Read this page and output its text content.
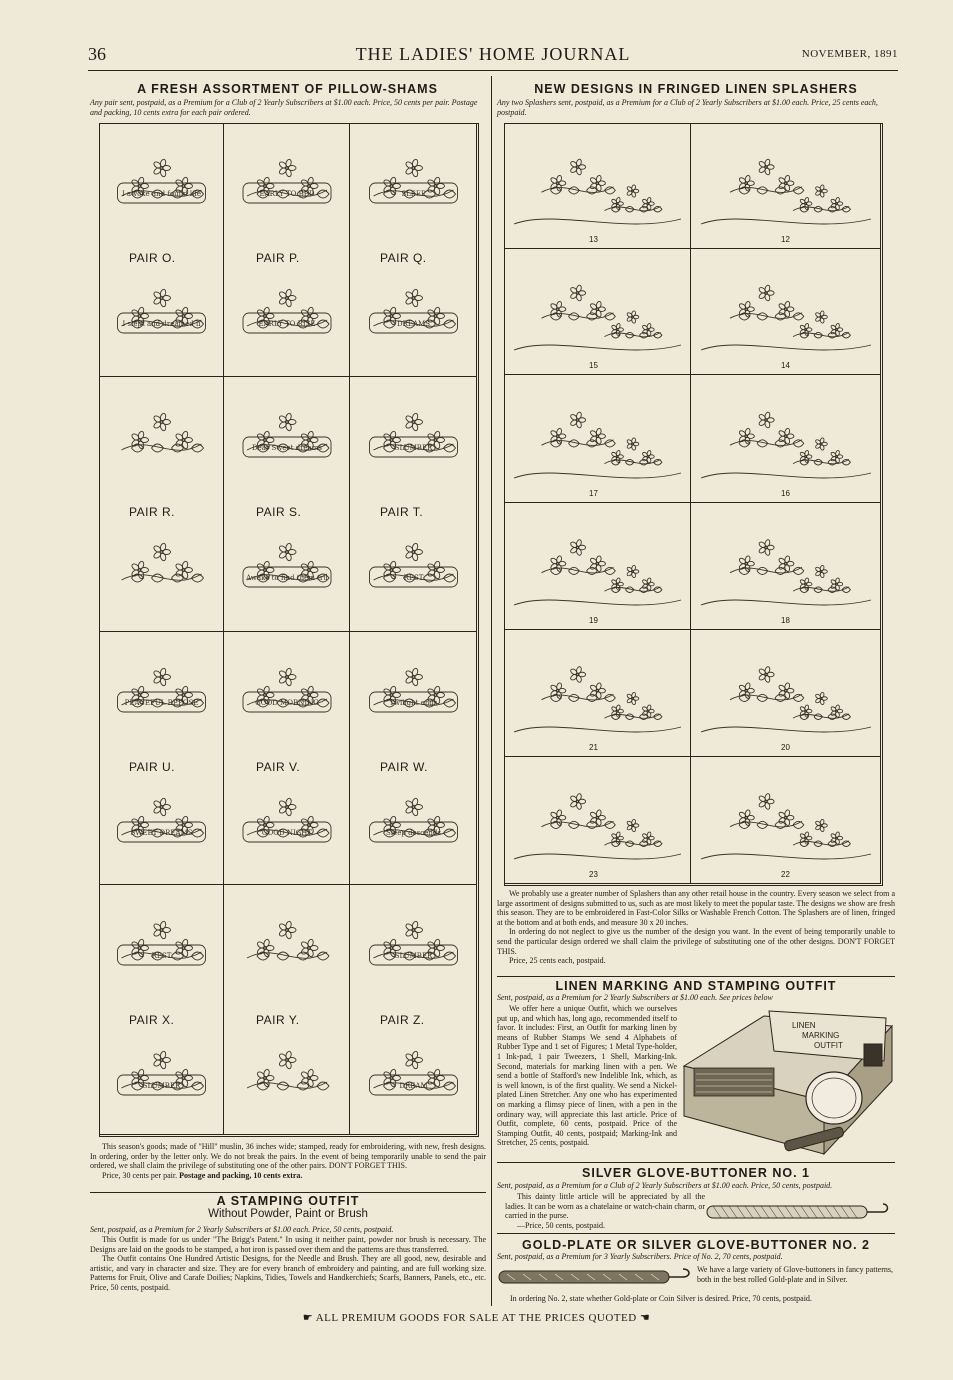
36	THE LADIES' HOME JOURNAL	NOVEMBER, 1891
A FRESH ASSORTMENT OF PILLOW-SHAMS
Any pair sent, postpaid, as a Premium for a Club of 2 Yearly Subscribers at $1.00 each. Price, 50 cents per pair. Postage and packing, 10 cents extra for each pair ordered.
I awoke and found life
I slept and dreamed li
PAIR O.
EARLY TO BED
EARLY TO RISE
PAIR P.
SLEEP
DREAMS
PAIR Q.
PAIR R.
Dear Sweet dreams
Awake to find them tru
PAIR S.
SLUMBER
REST
PAIR T.
PEACEFUL REPOSE
SWEET DREAMS
PAIR U.
GOOD MORNING
GOOD NIGHT
PAIR V.
Twilight ends
Sleep descends
PAIR W.
REST
SLUMBER
PAIR X.	PAIR Y.
SLUMBER
DREAM
PAIR Z.

This season's goods; made of "Hill" muslin, 36 inches wide; stamped, ready for embroidering, with new, fresh designs. In ordering, order by the letter only. We do not break the pairs. In the event of being temporarily unable to send the pair ordered, we shall claim the privilege of substituting one of the other pairs. DON'T FORGET THIS.

Price, 30 cents per pair. Postage and packing, 10 cents extra.

A STAMPING OUTFIT
Without Powder, Paint or Brush
Sent, postpaid, as a Premium for 2 Yearly Subscribers at $1.00 each. Price, 50 cents, postpaid.

This Outfit is made for us under "The Brigg's Patent." In using it neither paint, powder nor brush is necessary. The Designs are laid on the goods to be stamped, a hot iron is passed over them and the patterns are thus transferred.

The Outfit contains One Hundred Artistic Designs, for the Needle and Brush. They are all good, new, desirable and artistic, and vary in character and size. They are for every branch of embroidery and painting, and are full working size. Patterns for Fruit, Olive and Carafe Doilies; Napkins, Tidies, Towels and Handkerchiefs; Scarfs, Banners, Panels, etc., etc. Price, 50 cents, postpaid.

NEW DESIGNS IN FRINGED LINEN SPLASHERS
Any two Splashers sent, postpaid, as a Premium for a Club of 2 Yearly Subscribers at $1.00 each. Price, 25 cents each, postpaid.
13	12
15	14
17	16
19	18
21	20
23	22

We probably use a greater number of Splashers than any other retail house in the country. Every season we select from a large assortment of designs submitted to us, such as are most likely to meet the popular taste. The designs we show are fresh this season. They are to be embroidered in Fast-Color Silks or Washable French Cotton. The Splashers are of linen, fringed at the bottom and at both ends, and measure 30 x 20 inches.

In ordering do not neglect to give us the number of the design you want. In the event of being temporarily unable to send the particular design ordered we shall claim the privilege of substituting one of the other designs. DON'T FORGET THIS.

Price, 25 cents each, postpaid.

LINEN MARKING AND STAMPING OUTFIT
Sent, postpaid, as a Premium for 2 Yearly Subscribers at $1.00 each. See prices below
We offer here a unique Outfit, which we ourselves put up, and which has, long ago, recommended itself to favor. It includes: First, an Outfit for marking linen by means of Rubber Stamps We send 4 Alphabets of Rubber Type and 1 set of Figures; 1 Metal Type-holder, 1 Ink-pad, 1 pair Tweezers, 1 Shell, Marking-Ink. Second, materials for marking linen with a pen. We send a bottle of Stafford's new Indelible Ink, which, as is well known, is of the first quality. We send a Nickel-plated Linen Stretcher. Any one who has experimented on marking a flimsy piece of linen, with a pen in the ordinary way, will appreciate this last article. Price of Outfit, complete, 60 cents, postpaid. Price of the Stamping Outfit, 40 cents, postpaid; Marking-Ink and Stretcher, 25 cents, postpaid.
LINEN
MARKING
OUTFIT
SILVER GLOVE-BUTTONER NO. 1
Sent, postpaid, as a Premium for a Club of 2 Yearly Subscribers at $1.00 each. Price, 50 cents, postpaid.

This dainty little article will be appreciated by all the ladies. It can be worn as a chatelaine or watch-chain charm, or carried in the purse.

—Price, 50 cents, postpaid.

GOLD-PLATE OR SILVER GLOVE-BUTTONER NO. 2
Sent, postpaid, as a Premium for 3 Yearly Subscribers. Price of No. 2, 70 cents, postpaid.
We have a large variety of Glove-buttoners in fancy patterns, both in the best rolled Gold-plate and in Silver.
In ordering No. 2, state whether Gold-plate or Coin Silver is desired. Price, 70 cents, postpaid.
☛ ALL PREMIUM GOODS FOR SALE AT THE PRICES QUOTED ☚
